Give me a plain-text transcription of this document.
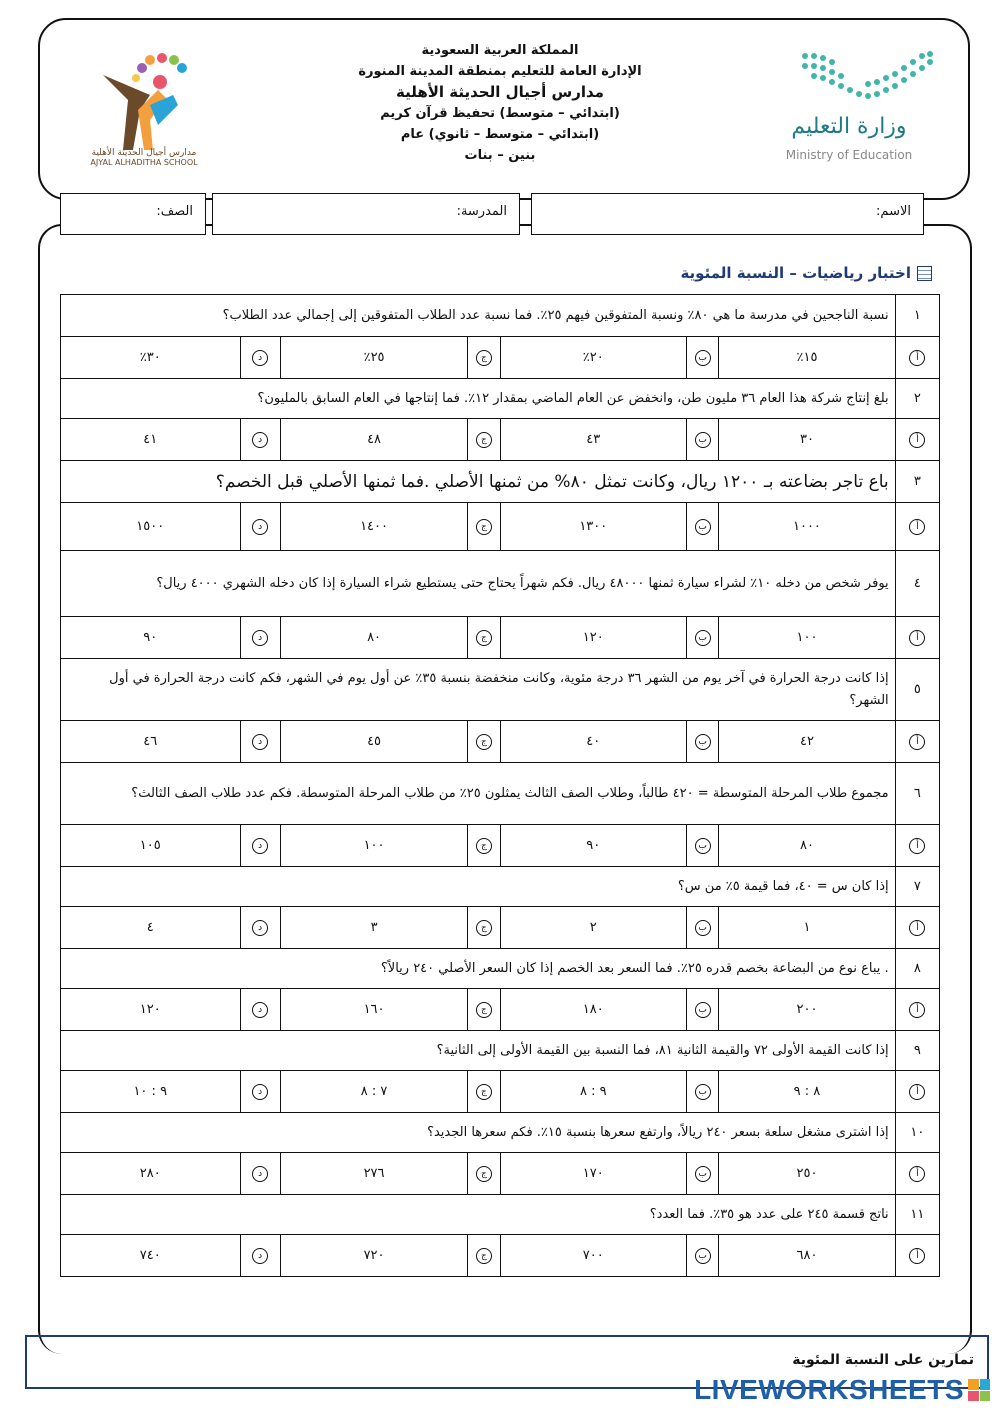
المملكة العربية السعودية
الإدارة العامة للتعليم بمنطقة المدينة المنورة
مدارس أجيال الحديثة الأهلية
(ابتدائي – متوسط) تحفيظ قرآن كريم
(ابتدائي – متوسط – ثانوي) عام
بنين – بنات
وزارة التعليم
Ministry of Education
مدارس أجيال الحديثة الأهلية
AJYAL ALHADITHA SCHOOL
الاسم:
المدرسة:
الصف:
اختبار رياضيات – النسبة المئوية
١	نسبة الناجحين في مدرسة ما هي ٨٠٪ ونسبة المتفوقين فيهم ٢٥٪. فما نسبة عدد الطلاب المتفوقين إلى إجمالي عدد الطلاب؟						
أ	١٥٪	ب	٢٠٪	ج	٢٥٪	د	٣٠٪
٢	بلغ إنتاج شركة هذا العام ٣٦ مليون طن، وانخفض عن العام الماضي بمقدار ١٢٪. فما إنتاجها في العام السابق بالمليون؟						
أ	٣٠	ب	٤٣	ج	٤٨	د	٤١
٣	باع تاجر بضاعته بـ ١٢٠٠ ريال، وكانت تمثل ٨٠% من ثمنها الأصلي .فما ثمنها الأصلي قبل الخصم؟						
أ	١٠٠٠	ب	١٣٠٠	ج	١٤٠٠	د	١٥٠٠
٤	يوفر شخص من دخله ١٠٪ لشراء سيارة ثمنها ٤٨٠٠٠ ريال. فكم شهراً يحتاج حتى يستطيع شراء السيارة إذا كان دخله الشهري ٤٠٠٠ ريال؟						
أ	١٠٠	ب	١٢٠	ج	٨٠	د	٩٠
٥	إذا كانت درجة الحرارة في آخر يوم من الشهر ٣٦ درجة مئوية، وكانت منخفضة بنسبة ٣٥٪ عن أول يوم في الشهر، فكم كانت درجة الحرارة في أول الشهر؟						
أ	٤٢	ب	٤٠	ج	٤٥	د	٤٦
٦	مجموع طلاب المرحلة المتوسطة = ٤٢٠ طالباً، وطلاب الصف الثالث يمثلون ٢٥٪ من طلاب المرحلة المتوسطة. فكم عدد طلاب الصف الثالث؟						
أ	٨٠	ب	٩٠	ج	١٠٠	د	١٠٥
٧	إذا كان س = ٤٠، فما قيمة ٥٪ من س؟						
أ	١	ب	٢	ج	٣	د	٤
٨	. يباع نوع من البضاعة بخصم قدره ٢٥٪. فما السعر بعد الخصم إذا كان السعر الأصلي ٢٤٠ ريالاً؟						
أ	٢٠٠	ب	١٨٠	ج	١٦٠	د	١٢٠
٩	إذا كانت القيمة الأولى ٧٢ والقيمة الثانية ٨١، فما النسبة بين القيمة الأولى إلى الثانية؟						
أ	٨ : ٩	ب	٩ : ٨	ج	٧ : ٨	د	٩ : ١٠
١٠	إذا اشترى مشغل سلعة بسعر ٢٤٠ ريالاً، وارتفع سعرها بنسبة ١٥٪. فكم سعرها الجديد؟						
أ	٢٥٠	ب	١٧٠	ج	٢٧٦	د	٢٨٠
١١	ناتج قسمة ٢٤٥ على عدد هو ٣٥٪. فما العدد؟						
أ	٦٨٠	ب	٧٠٠	ج	٧٢٠	د	٧٤٠
تمارين على النسبة المئوية
LIVEWORKSHEETS
